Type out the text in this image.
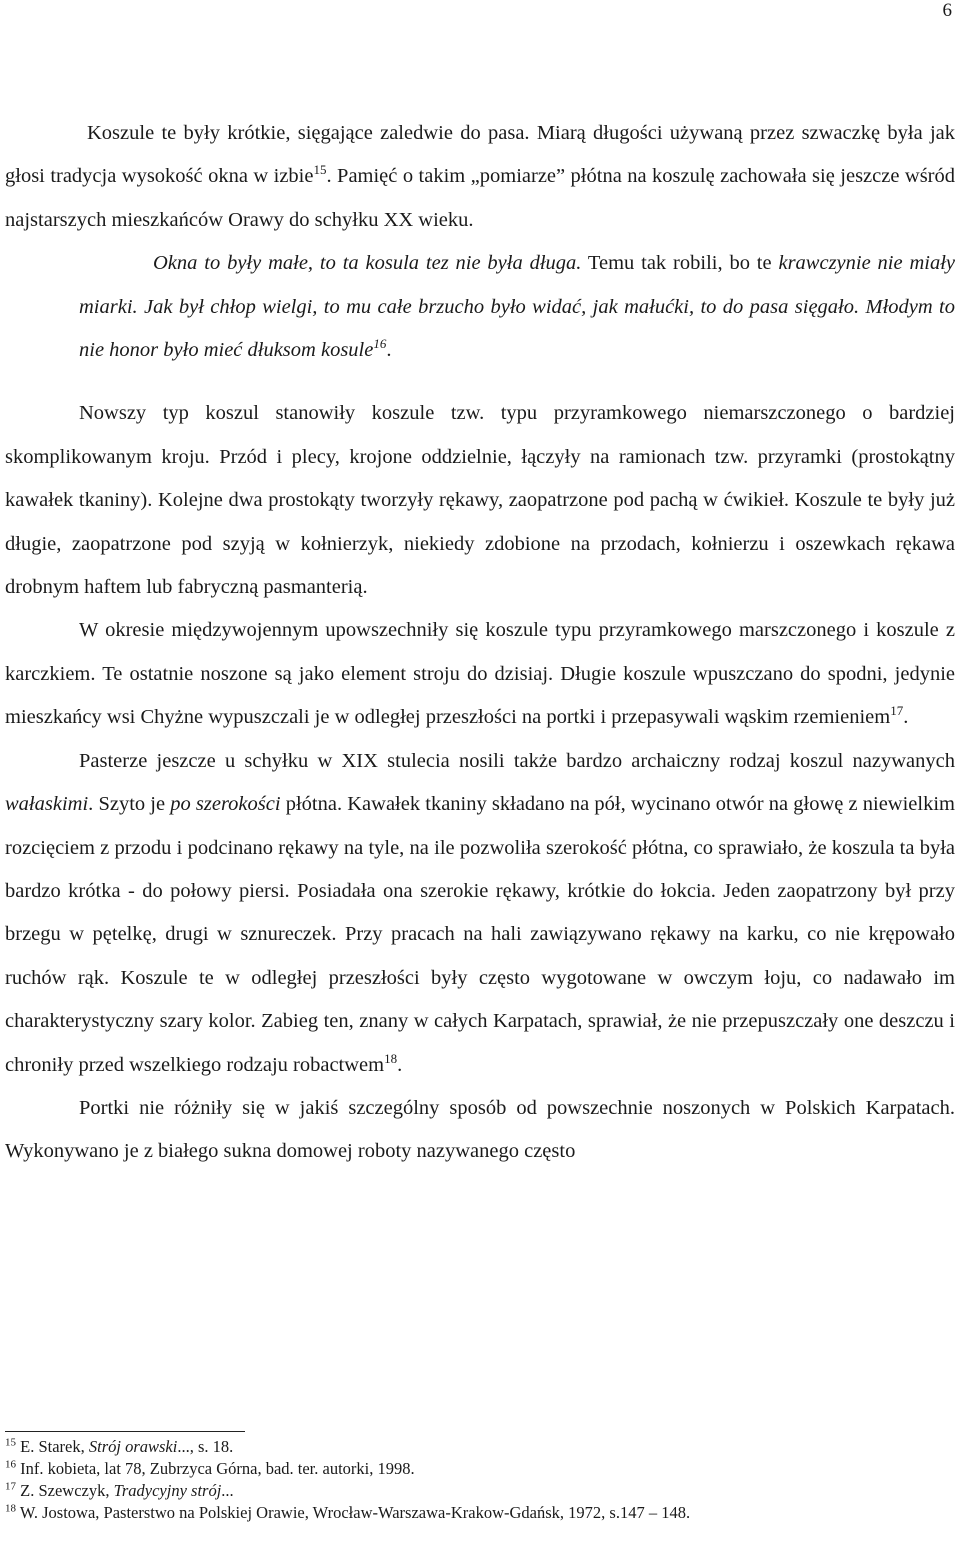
6

Koszule te były krótkie, sięgające zaledwie do pasa. Miarą długości używaną przez szwaczkę była jak głosi tradycja wysokość okna w izbie$^{15}$. Pamięć o takim „pomiarze” płótna na koszulę zachowała się jeszcze wśród najstarszych mieszkańców Orawy do schyłku XX wieku.

Okna to były małe, to ta kosula tez nie była długa. Temu tak robili, bo te krawczynie nie miały miarki. Jak był chłop wielgi, to mu całe brzucho było widać, jak małućki, to do pasa sięgało. Młodym to nie honor było mieć dłuksom kosule$^{16}$.

Nowszy typ koszul stanowiły koszule tzw. typu przyramkowego niemarszczonego o bardziej skomplikowanym kroju. Przód i plecy, krojone oddzielnie, łączyły na ramionach tzw. przyramki (prostokątny kawałek tkaniny). Kolejne dwa prostokąty tworzyły rękawy, zaopatrzone pod pachą w ćwikieł. Koszule te były już długie, zaopatrzone pod szyją w kołnierzyk, niekiedy zdobione na przodach, kołnierzu i oszewkach rękawa drobnym haftem lub fabryczną pasmanterią.

W okresie międzywojennym upowszechniły się koszule typu przyramkowego marszczonego i koszule z karczkiem. Te ostatnie noszone są jako element stroju do dzisiaj. Długie koszule wpuszczano do spodni, jedynie mieszkańcy wsi Chyżne wypuszczali je w odległej przeszłości na portki i przepasywali wąskim rzemieniem$^{17}$.

Pasterze jeszcze u schyłku w XIX stulecia nosili także bardzo archaiczny rodzaj koszul nazywanych wałaskimi. Szyto je po szerokości płótna. Kawałek tkaniny składano na pół, wycinano otwór na głowę z niewielkim rozcięciem z przodu i podcinano rękawy na tyle, na ile pozwoliła szerokość płótna, co sprawiało, że koszula ta była bardzo krótka - do połowy piersi. Posiadała ona szerokie rękawy, krótkie do łokcia. Jeden zaopatrzony był przy brzegu w pętelkę, drugi w sznureczek. Przy pracach na hali zawiązywano rękawy na karku, co nie krępowało ruchów rąk. Koszule te w odległej przeszłości były często wygotowane w owczym łoju, co nadawało im charakterystyczny szary kolor. Zabieg ten, znany w całych Karpatach, sprawiał, że nie przepuszczały one deszczu i chroniły przed wszelkiego rodzaju robactwem$^{18}$.

Portki nie różniły się w jakiś szczególny sposób od powszechnie noszonych w Polskich Karpatach. Wykonywano je z białego sukna domowej roboty nazywanego często

$^{15}$ E. Starek, Strój orawski..., s. 18.
$^{16}$ Inf. kobieta, lat 78, Zubrzyca Górna, bad. ter. autorki, 1998.
$^{17}$ Z. Szewczyk, Tradycyjny strój...
$^{18}$ W. Jostowa, Pasterstwo na Polskiej Orawie, Wrocław-Warszawa-Krakow-Gdańsk, 1972, s.147 – 148.
